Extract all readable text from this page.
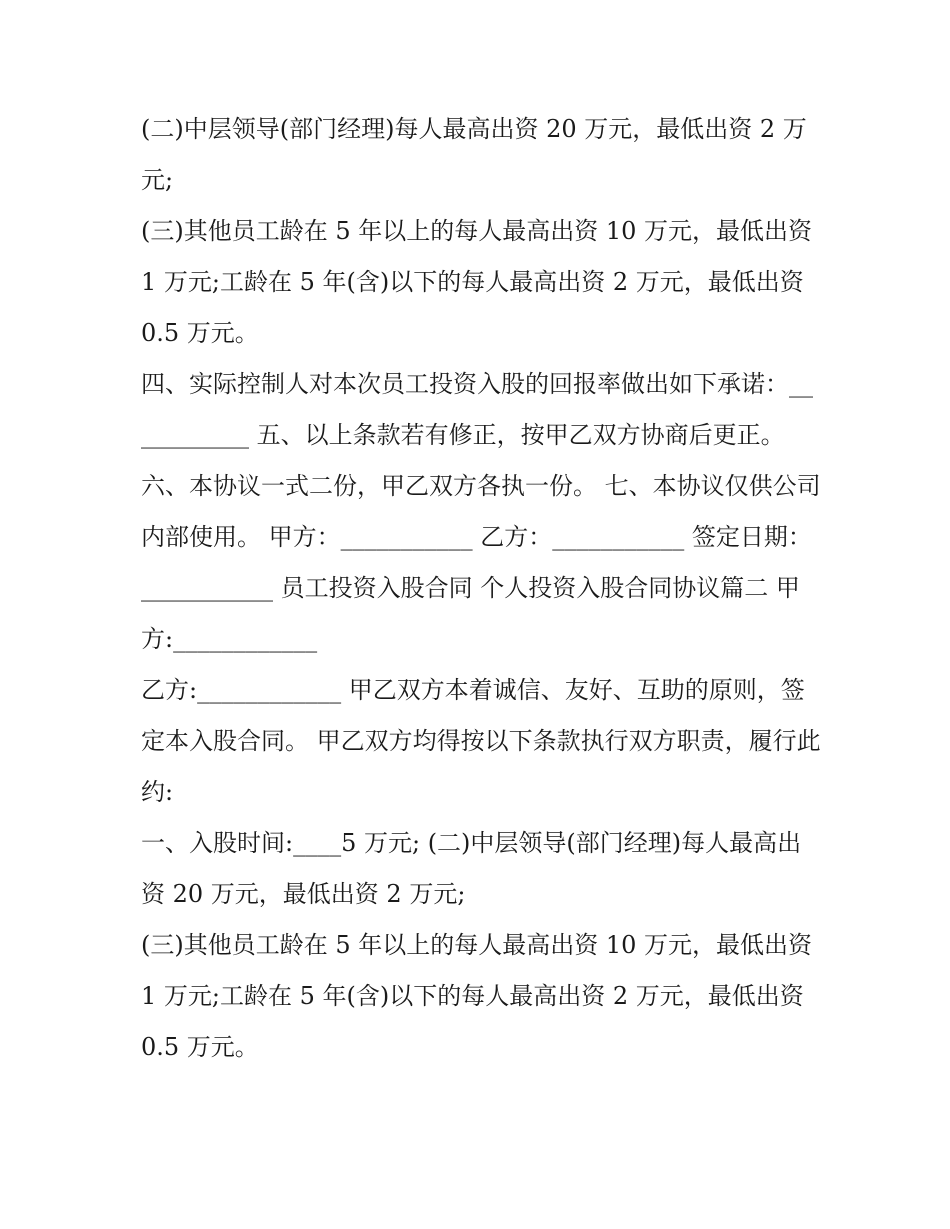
(二)中层领导(部门经理)每人最高出资 20 万元，最低出资 2 万元;

(三)其他员工龄在 5 年以上的每人最高出资 10 万元，最低出资 1 万元;工龄在 5 年(含)以下的每人最高出资 2 万元，最低出资 0.5 万元。

四、实际控制人对本次员工投资入股的回报率做出如下承诺：___________ 五、以上条款若有修正，按甲乙双方协商后更正。

六、本协议一式二份，甲乙双方各执一份。 七、本协议仅供公司内部使用。 甲方：___________ 乙方：___________ 签定日期：___________ 员工投资入股合同 个人投资入股合同协议篇二 甲方:____________

乙方:____________ 甲乙双方本着诚信、友好、互助的原则，签定本入股合同。 甲乙双方均得按以下条款执行双方职责，履行此约:

一、入股时间:____5 万元; (二)中层领导(部门经理)每人最高出资 20 万元，最低出资 2 万元;

(三)其他员工龄在 5 年以上的每人最高出资 10 万元，最低出资 1 万元;工龄在 5 年(含)以下的每人最高出资 2 万元，最低出资 0.5 万元。
